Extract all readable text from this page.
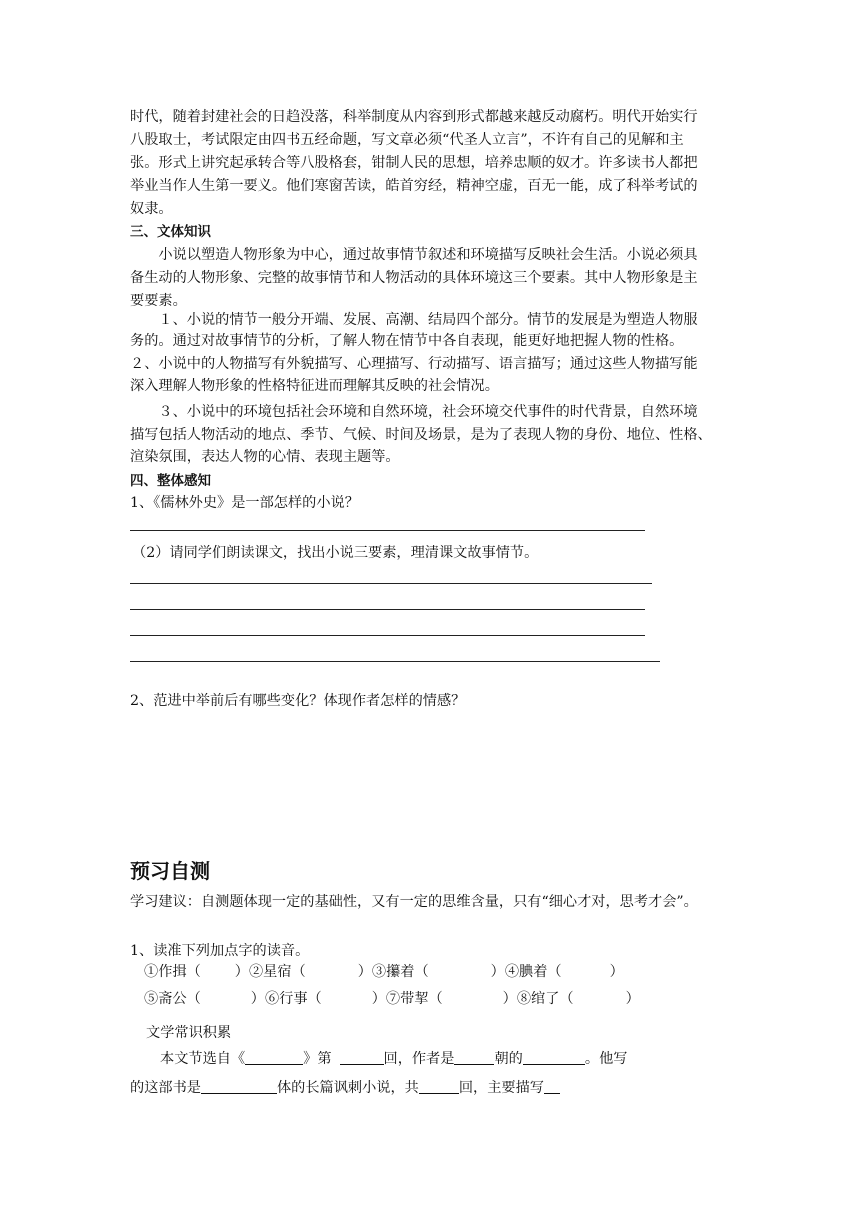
时代，随着封建社会的日趋没落，科举制度从内容到形式都越来越反动腐朽。明代开始实行
八股取士，考试限定由四书五经命题，写文章必须“代圣人立言”，不许有自己的见解和主
张。形式上讲究起承转合等八股格套，钳制人民的思想，培养忠顺的奴才。许多读书人都把
举业当作人生第一要义。他们寒窗苦读，皓首穷经，精神空虚，百无一能，成了科举考试的
奴隶。
三、文体知识
　　小说以塑造人物形象为中心，通过故事情节叙述和环境描写反映社会生活。小说必须具
备生动的人物形象、完整的故事情节和人物活动的具体环境这三个要素。其中人物形象是主
要要素。
　　１、小说的情节一般分开端、发展、高潮、结局四个部分。情节的发展是为塑造人物服
务的。通过对故事情节的分析，了解人物在情节中各自表现，能更好地把握人物的性格。
２、小说中的人物描写有外貌描写、心理描写、行动描写、语言描写；通过这些人物描写能
深入理解人物形象的性格特征进而理解其反映的社会情况。
　　３、小说中的环境包括社会环境和自然环境，社会环境交代事件的时代背景，自然环境
描写包括人物活动的地点、季节、气候、时间及场景，是为了表现人物的身份、地位、性格、
渲染氛围，表达人物的心情、表现主题等。
四、整体感知
1、《儒林外史》是一部怎样的小说？
（2）请同学们朗读课文，找出小说三要素，理清课文故事情节。
2、范进中举前后有哪些变化？体现作者怎样的情感？
预习自测
学习建议：自测题体现一定的基础性，又有一定的思维含量，只有“细心才对，思考才会”。
1、读准下列加点字的读音。
①作揖（ ）②星宿（	）③攥着（	）④腆着（	）
⑤斋公（	）⑥行事（	）⑦带挈（	）⑧绾了（	）
文学常识积累
本文节选自《	》第	回，作者是	朝的	。他写
的这部书是	体的长篇讽刺小说，共	回，主要描写
